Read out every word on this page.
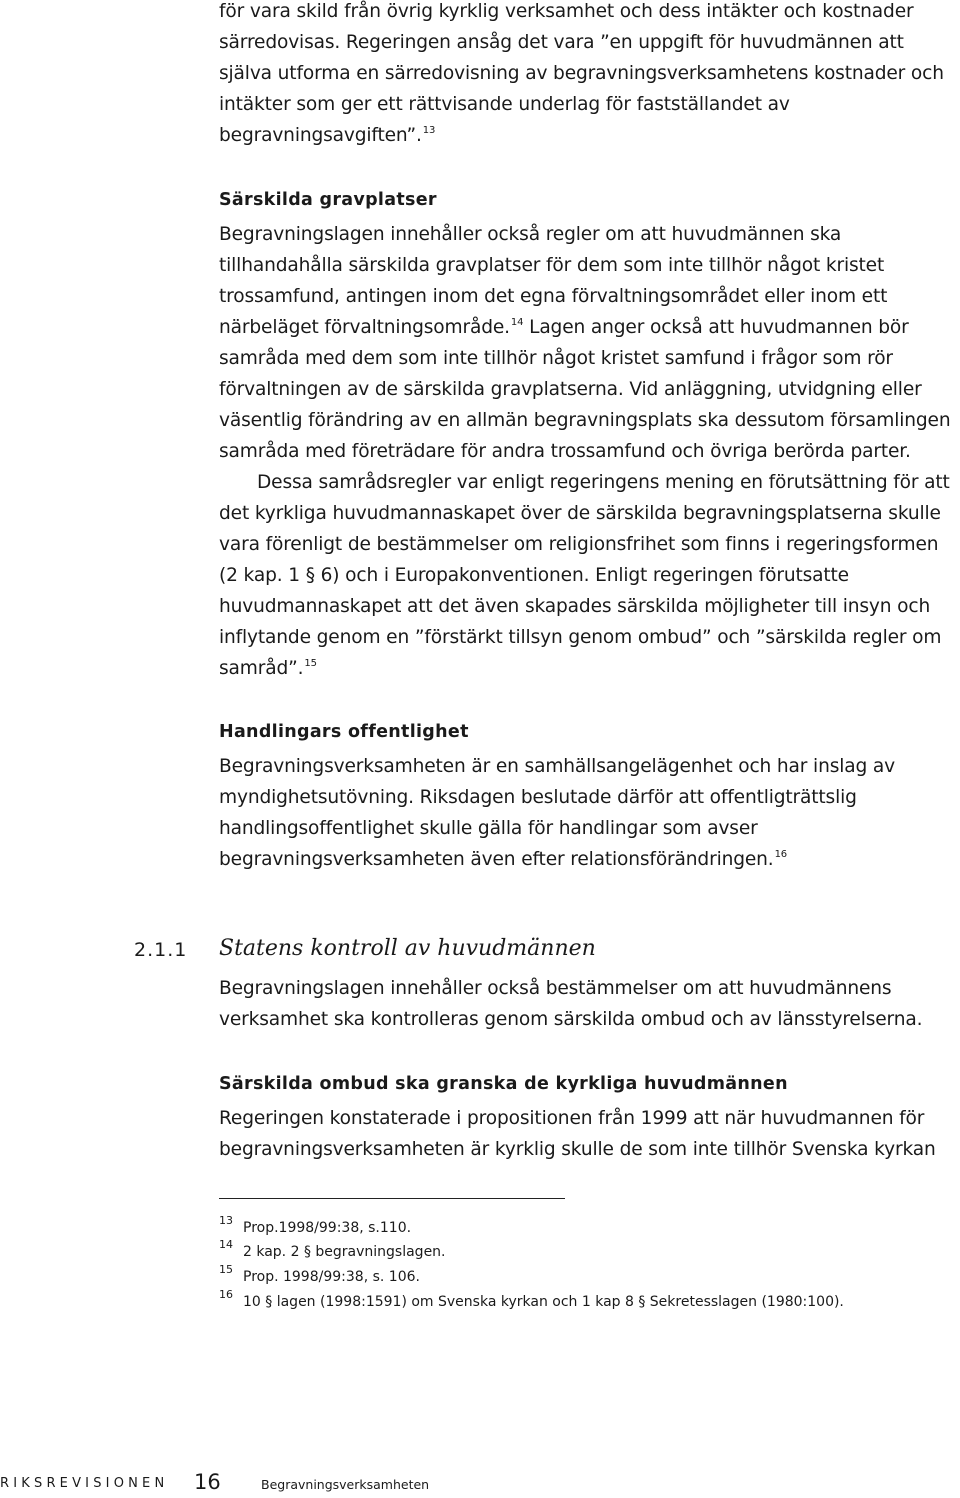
för vara skild från övrig kyrklig verksamhet och dess intäkter och kostnader särredovisas. Regeringen ansåg det vara ”en uppgift för huvudmännen att själva utforma en särredovisning av begravningsverksamhetens kostnader och intäkter som ger ett rättvisande underlag för fastställandet av begravningsavgiften”.$^{13}$

Särskilda gravplatser

Begravningslagen innehåller också regler om att huvudmännen ska tillhandahålla särskilda gravplatser för dem som inte tillhör något kristet trossamfund, antingen inom det egna förvaltningsområdet eller inom ett närbeläget förvaltningsområde.$^{14}$ Lagen anger också att huvudmannen bör samråda med dem som inte tillhör något kristet samfund i frågor som rör förvaltningen av de särskilda gravplatserna. Vid anläggning, utvidgning eller väsentlig förändring av en allmän begravningsplats ska dessutom församlingen samråda med företrädare för andra trossamfund och övriga berörda parter.

Dessa samrådsregler var enligt regeringens mening en förutsättning för att det kyrkliga huvudmannaskapet över de särskilda begravningsplatserna skulle vara förenligt de bestämmelser om religionsfrihet som finns i regeringsformen (2 kap. 1 § 6) och i Europakonventionen. Enligt regeringen förutsatte huvudmannaskapet att det även skapades särskilda möjligheter till insyn och inflytande genom en ”förstärkt tillsyn genom ombud” och ”särskilda regler om samråd”.$^{15}$

Handlingars offentlighet

Begravningsverksamheten är en samhällsangelägenhet och har inslag av myndighetsutövning. Riksdagen beslutade därför att offentligträttslig handlingsoffentlighet skulle gälla för handlingar som avser begravningsverksamheten även efter relationsförändringen.$^{16}$

2.1.1 Statens kontroll av huvudmännen

Begravningslagen innehåller också bestämmelser om att huvudmännens verksamhet ska kontrolleras genom särskilda ombud och av länsstyrelserna.

Särskilda ombud ska granska de kyrkliga huvudmännen

Regeringen konstaterade i propositionen från 1999 att när huvudmannen för begravningsverksamheten är kyrklig skulle de som inte tillhör Svenska kyrkan

13 Prop.1998/99:38, s.110.
14 2 kap. 2 § begravningslagen.
15 Prop. 1998/99:38, s. 106.
16 10 § lagen (1998:1591) om Svenska kyrkan och 1 kap 8 § Sekretesslagen (1980:100).
RIKSREVISIONEN 16	Begravningsverksamheten
